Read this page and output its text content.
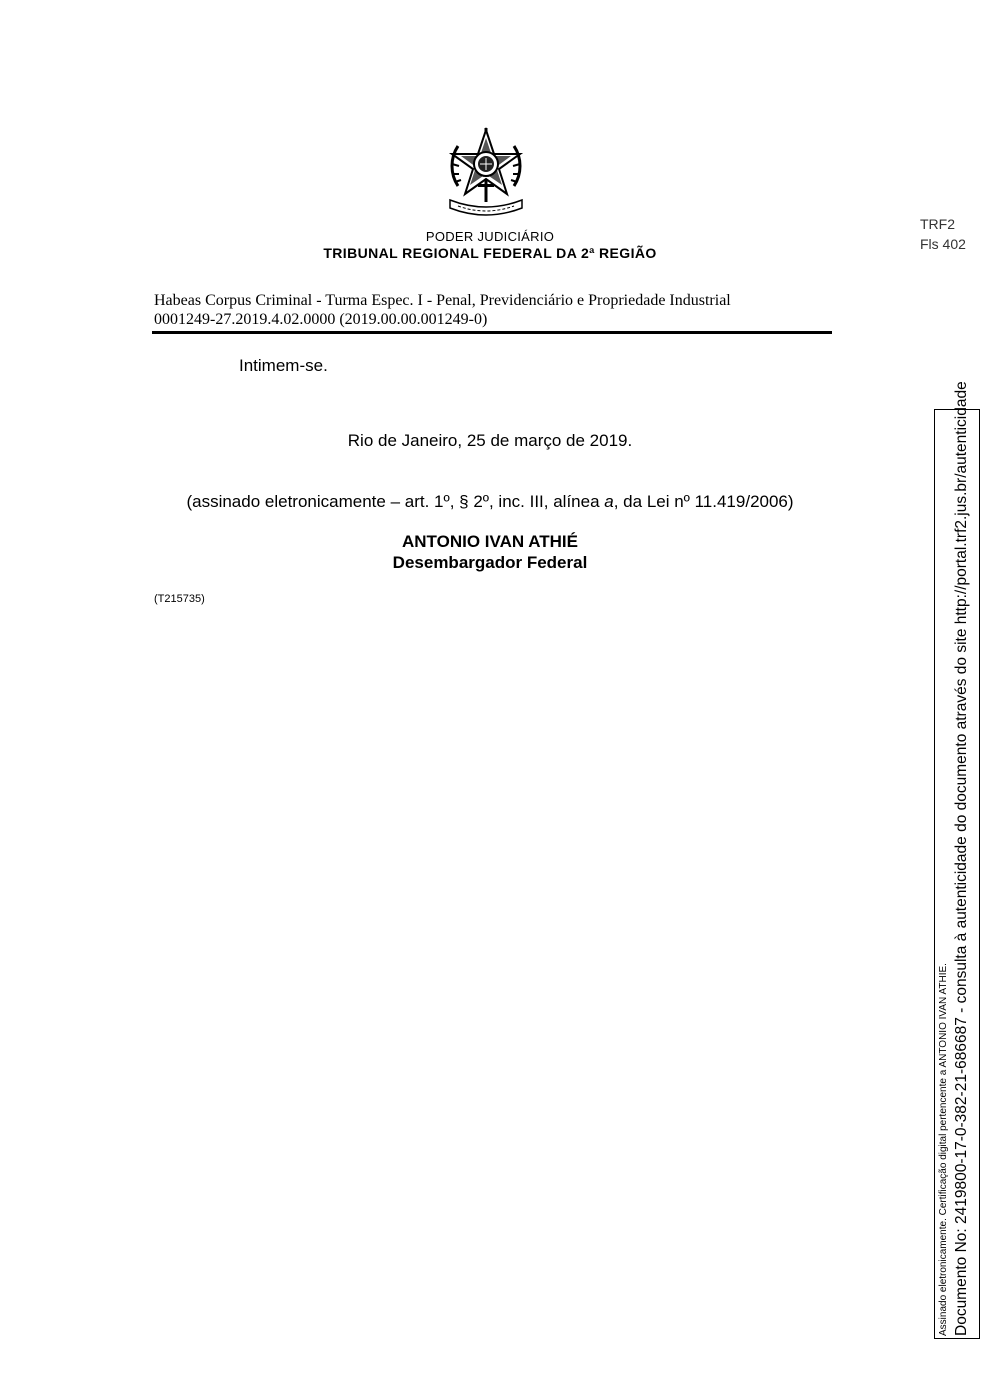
PODER JUDICIÁRIO
TRIBUNAL REGIONAL FEDERAL DA 2ª REGIÃO
TRF2
Fls 402
Habeas Corpus Criminal - Turma Espec. I - Penal, Previdenciário e Propriedade Industrial
0001249-27.2019.4.02.0000 (2019.00.00.001249-0)
Intimem-se.
Rio de Janeiro, 25 de março de 2019.
(assinado eletronicamente – art. 1º, § 2º, inc. III, alínea a, da Lei nº 11.419/2006)
ANTONIO IVAN ATHIÉ
Desembargador Federal
(T215735)
Assinado eletronicamente. Certificação digital pertencente a ANTONIO IVAN ATHIE. Documento No: 2419800-17-0-382-21-686687 - consulta à autenticidade do documento através do site http://portal.trf2.jus.br/autenticidade
